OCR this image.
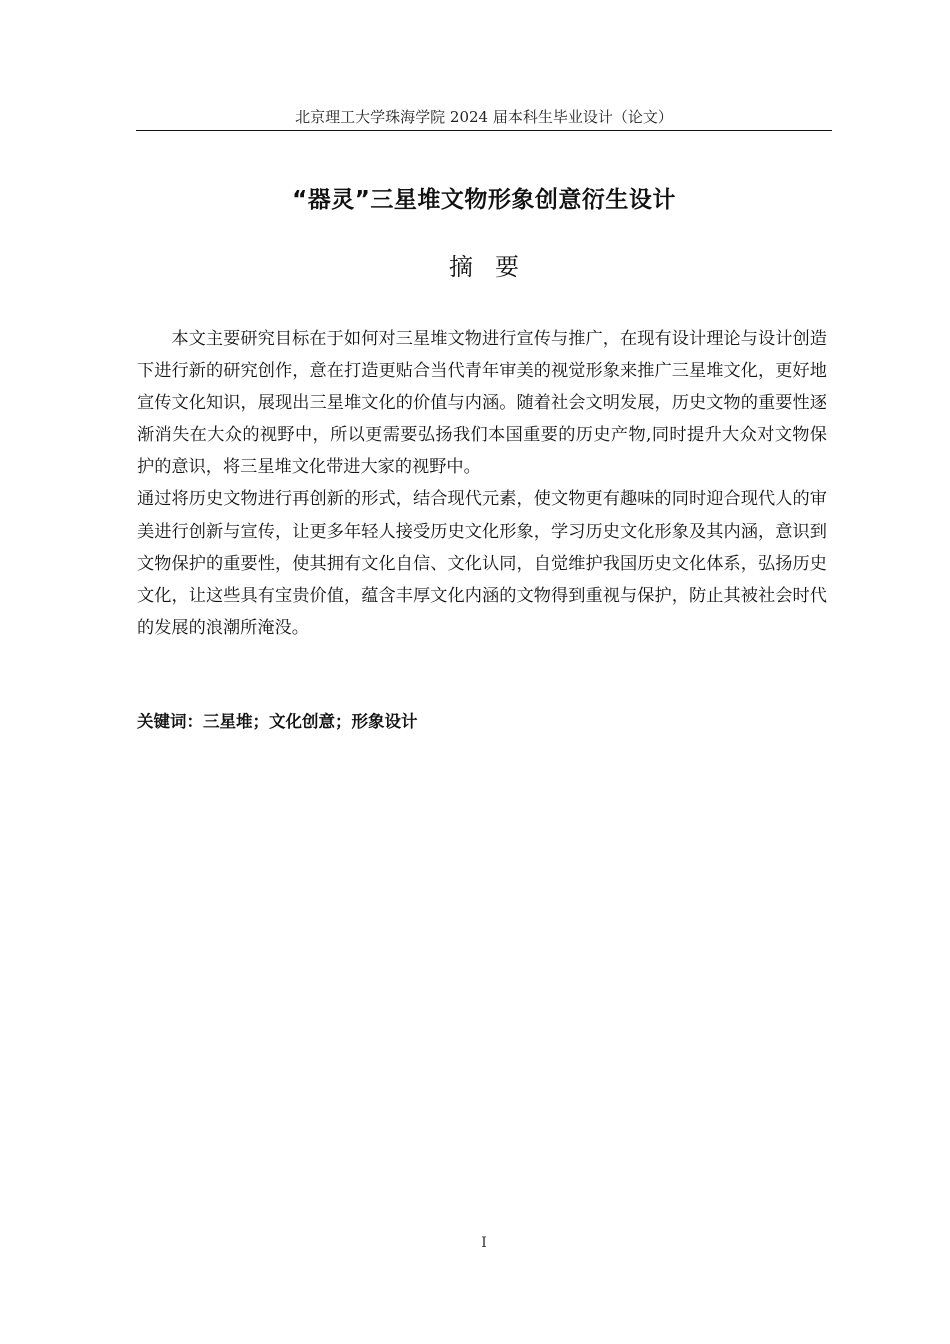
北京理工大学珠海学院 2024 届本科生毕业设计（论文）
“器灵”三星堆文物形象创意衍生设计
摘要

本文主要研究目标在于如何对三星堆文物进行宣传与推广，在现有设计理论与设计创造下进行新的研究创作，意在打造更贴合当代青年审美的视觉形象来推广三星堆文化，更好地宣传文化知识，展现出三星堆文化的价值与内涵。随着社会文明发展，历史文物的重要性逐渐消失在大众的视野中，所以更需要弘扬我们本国重要的历史产物,同时提升大众对文物保护的意识，将三星堆文化带进大家的视野中。

通过将历史文物进行再创新的形式，结合现代元素，使文物更有趣味的同时迎合现代人的审美进行创新与宣传，让更多年轻人接受历史文化形象，学习历史文化形象及其内涵，意识到文物保护的重要性，使其拥有文化自信、文化认同，自觉维护我国历史文化体系，弘扬历史文化，让这些具有宝贵价值，蕴含丰厚文化内涵的文物得到重视与保护，防止其被社会时代的发展的浪潮所淹没。

关键词：三星堆；文化创意；形象设计
I
